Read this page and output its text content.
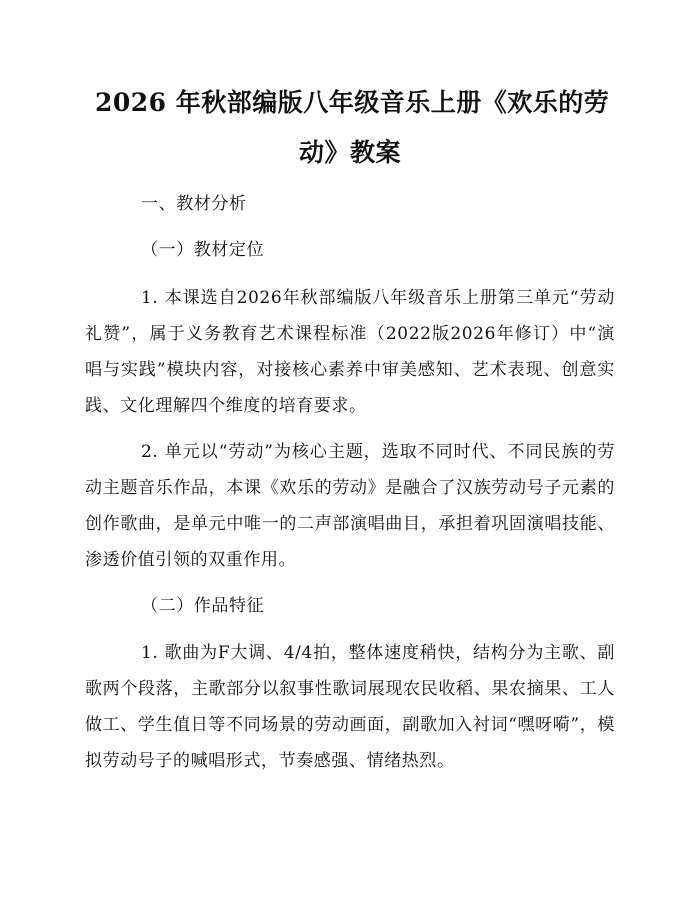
2026 年秋部编版八年级音乐上册《欢乐的劳
动》教案
一、教材分析
（一）教材定位
1. 本课选自2026年秋部编版八年级音乐上册第三单元“劳动礼赞”，属于义务教育艺术课程标准（2022版2026年修订）中“演唱与实践”模块内容，对接核心素养中审美感知、艺术表现、创意实践、文化理解四个维度的培育要求。
2. 单元以“劳动”为核心主题，选取不同时代、不同民族的劳动主题音乐作品，本课《欢乐的劳动》是融合了汉族劳动号子元素的创作歌曲，是单元中唯一的二声部演唱曲目，承担着巩固演唱技能、渗透价值引领的双重作用。
（二）作品特征
1. 歌曲为F大调、4/4拍，整体速度稍快，结构分为主歌、副歌两个段落，主歌部分以叙事性歌词展现农民收稻、果农摘果、工人做工、学生值日等不同场景的劳动画面，副歌加入衬词“嘿呀嗬”，模拟劳动号子的喊唱形式，节奏感强、情绪热烈。
